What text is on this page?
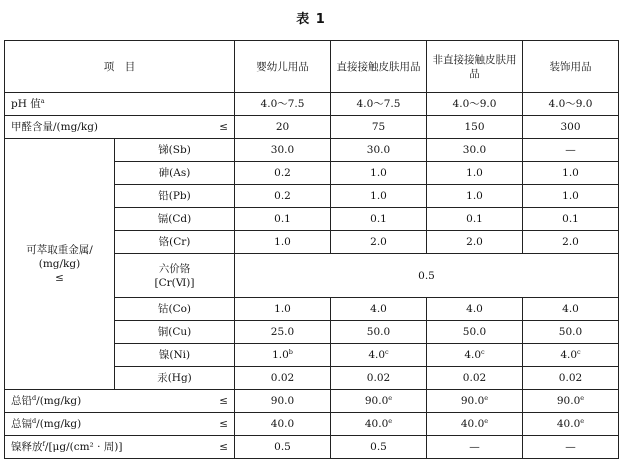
表 1
项　目		婴幼儿用品	直接接触皮肤用品	非直接接触皮肤用品	装饰用品
pH 值$^a$		4.0～7.5	4.0～7.5	4.0～9.0	4.0～9.0
甲醛含量/(mg/kg) ≤		20	75	150	300
可萃取重金属/
(mg/kg)
≤	锑(Sb)	30.0	30.0	30.0	—
	砷(As)	0.2	1.0	1.0	1.0
	铅(Pb)	0.2	1.0	1.0	1.0
	镉(Cd)	0.1	0.1	0.1	0.1
	铬(Cr)	1.0	2.0	2.0	2.0
	六价铬
[Cr(Ⅵ)]	0.5			
	钴(Co)	1.0	4.0	4.0	4.0
	铜(Cu)	25.0	50.0	50.0	50.0
	镍(Ni)	1.0$^b$	4.0$^c$	4.0$^c$	4.0$^c$
	汞(Hg)	0.02	0.02	0.02	0.02
总铅$^d$/(mg/kg) ≤		90.0	90.0e	90.0e	90.0e
总镉$^d$/(mg/kg) ≤		40.0	40.0e	40.0e	40.0e
镍释放$^f$/[μg/(cm² · 周)] ≤		0.5	0.5	—	—
